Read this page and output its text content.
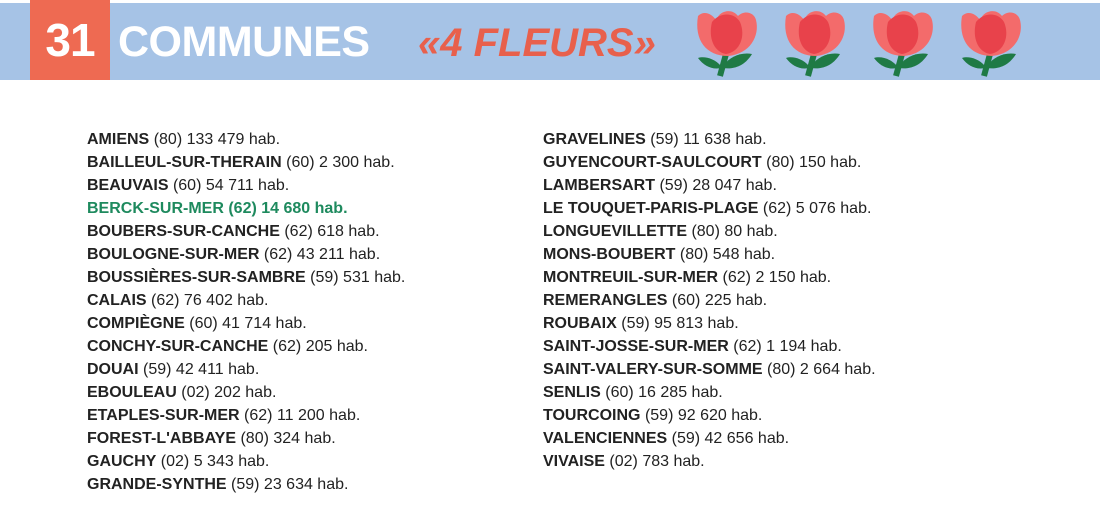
31 COMMUNES «4 FLEURS»
AMIENS (80) 133 479 hab.
BAILLEUL-SUR-THERAIN (60) 2 300 hab.
BEAUVAIS (60) 54 711 hab.
BERCK-SUR-MER (62) 14 680 hab.
BOUBERS-SUR-CANCHE (62) 618 hab.
BOULOGNE-SUR-MER (62) 43 211 hab.
BOUSSIÈRES-SUR-SAMBRE (59) 531 hab.
CALAIS (62) 76 402 hab.
COMPIÈGNE (60) 41 714 hab.
CONCHY-SUR-CANCHE (62) 205 hab.
DOUAI (59) 42 411 hab.
EBOULEAU (02) 202 hab.
ETAPLES-SUR-MER (62) 11 200 hab.
FOREST-L'ABBAYE (80) 324 hab.
GAUCHY (02) 5 343 hab.
GRANDE-SYNTHE (59) 23 634 hab.
GRAVELINES (59) 11 638 hab.
GUYENCOURT-SAULCOURT (80) 150 hab.
LAMBERSART (59) 28 047 hab.
LE TOUQUET-PARIS-PLAGE (62) 5 076 hab.
LONGUEVILLETTE (80) 80 hab.
MONS-BOUBERT (80) 548 hab.
MONTREUIL-SUR-MER (62) 2 150 hab.
REMERANGLES (60) 225 hab.
ROUBAIX (59) 95 813 hab.
SAINT-JOSSE-SUR-MER (62) 1 194 hab.
SAINT-VALERY-SUR-SOMME (80) 2 664 hab.
SENLIS (60) 16 285 hab.
TOURCOING (59) 92 620 hab.
VALENCIENNES (59) 42 656 hab.
VIVAISE (02) 783 hab.
